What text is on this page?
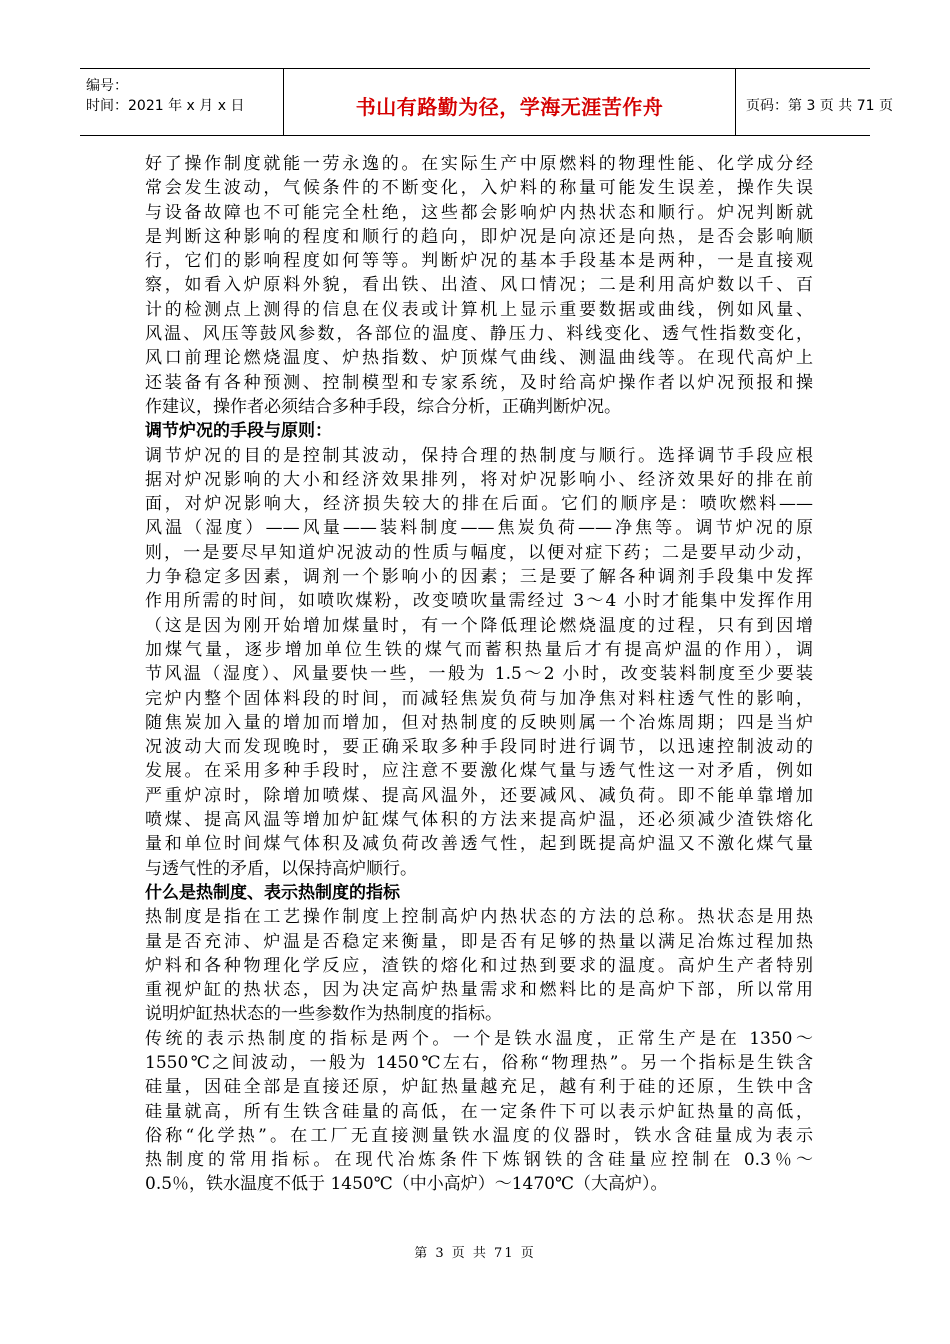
编号：
时间：2021 年 x 月 x 日	书山有路勤为径，学海无涯苦作舟	页码：第 3 页 共 71 页
好了操作制度就能一劳永逸的。在实际生产中原燃料的物理性能、化学成分经
常会发生波动，气候条件的不断变化，入炉料的称量可能发生误差，操作失误
与设备故障也不可能完全杜绝，这些都会影响炉内热状态和顺行。炉况判断就
是判断这种影响的程度和顺行的趋向，即炉况是向凉还是向热，是否会影响顺
行，它们的影响程度如何等等。判断炉况的基本手段基本是两种，一是直接观
察，如看入炉原料外貌，看出铁、出渣、风口情况；二是利用高炉数以千、百
计的检测点上测得的信息在仪表或计算机上显示重要数据或曲线，例如风量、
风温、风压等鼓风参数，各部位的温度、静压力、料线变化、透气性指数变化，
风口前理论燃烧温度、炉热指数、炉顶煤气曲线、测温曲线等。在现代高炉上
还装备有各种预测、控制模型和专家系统，及时给高炉操作者以炉况预报和操
作建议，操作者必须结合多种手段，综合分析，正确判断炉况。
调节炉况的手段与原则：
调节炉况的目的是控制其波动，保持合理的热制度与顺行。选择调节手段应根
据对炉况影响的大小和经济效果排列，将对炉况影响小、经济效果好的排在前
面，对炉况影响大，经济损失较大的排在后面。它们的顺序是：喷吹燃料——
风温（湿度）——风量——装料制度——焦炭负荷——净焦等。调节炉况的原
则，一是要尽早知道炉况波动的性质与幅度，以便对症下药；二是要早动少动，
力争稳定多因素，调剂一个影响小的因素；三是要了解各种调剂手段集中发挥
作用所需的时间，如喷吹煤粉，改变喷吹量需经过 3～4 小时才能集中发挥作用
（这是因为刚开始增加煤量时，有一个降低理论燃烧温度的过程，只有到因增
加煤气量，逐步增加单位生铁的煤气而蓄积热量后才有提高炉温的作用），调
节风温（湿度）、风量要快一些，一般为 1.5～2 小时，改变装料制度至少要装
完炉内整个固体料段的时间，而减轻焦炭负荷与加净焦对料柱透气性的影响，
随焦炭加入量的增加而增加，但对热制度的反映则属一个冶炼周期；四是当炉
况波动大而发现晚时，要正确采取多种手段同时进行调节，以迅速控制波动的
发展。在采用多种手段时，应注意不要激化煤气量与透气性这一对矛盾，例如
严重炉凉时，除增加喷煤、提高风温外，还要减风、减负荷。即不能单靠增加
喷煤、提高风温等增加炉缸煤气体积的方法来提高炉温，还必须减少渣铁熔化
量和单位时间煤气体积及减负荷改善透气性，起到既提高炉温又不激化煤气量
与透气性的矛盾，以保持高炉顺行。
什么是热制度、表示热制度的指标
热制度是指在工艺操作制度上控制高炉内热状态的方法的总称。热状态是用热
量是否充沛、炉温是否稳定来衡量，即是否有足够的热量以满足冶炼过程加热
炉料和各种物理化学反应，渣铁的熔化和过热到要求的温度。高炉生产者特别
重视炉缸的热状态，因为决定高炉热量需求和燃料比的是高炉下部，所以常用
说明炉缸热状态的一些参数作为热制度的指标。
传统的表示热制度的指标是两个。一个是铁水温度，正常生产是在 1350～
1550℃之间波动，一般为 1450℃左右，俗称“物理热”。另一个指标是生铁含
硅量，因硅全部是直接还原，炉缸热量越充足，越有利于硅的还原，生铁中含
硅量就高，所有生铁含硅量的高低，在一定条件下可以表示炉缸热量的高低，
俗称“化学热”。在工厂无直接测量铁水温度的仪器时，铁水含硅量成为表示
热制度的常用指标。在现代冶炼条件下炼钢铁的含硅量应控制在 0.3％～
0.5％，铁水温度不低于 1450℃（中小高炉）～1470℃（大高炉）。
第 3 页 共 71 页
